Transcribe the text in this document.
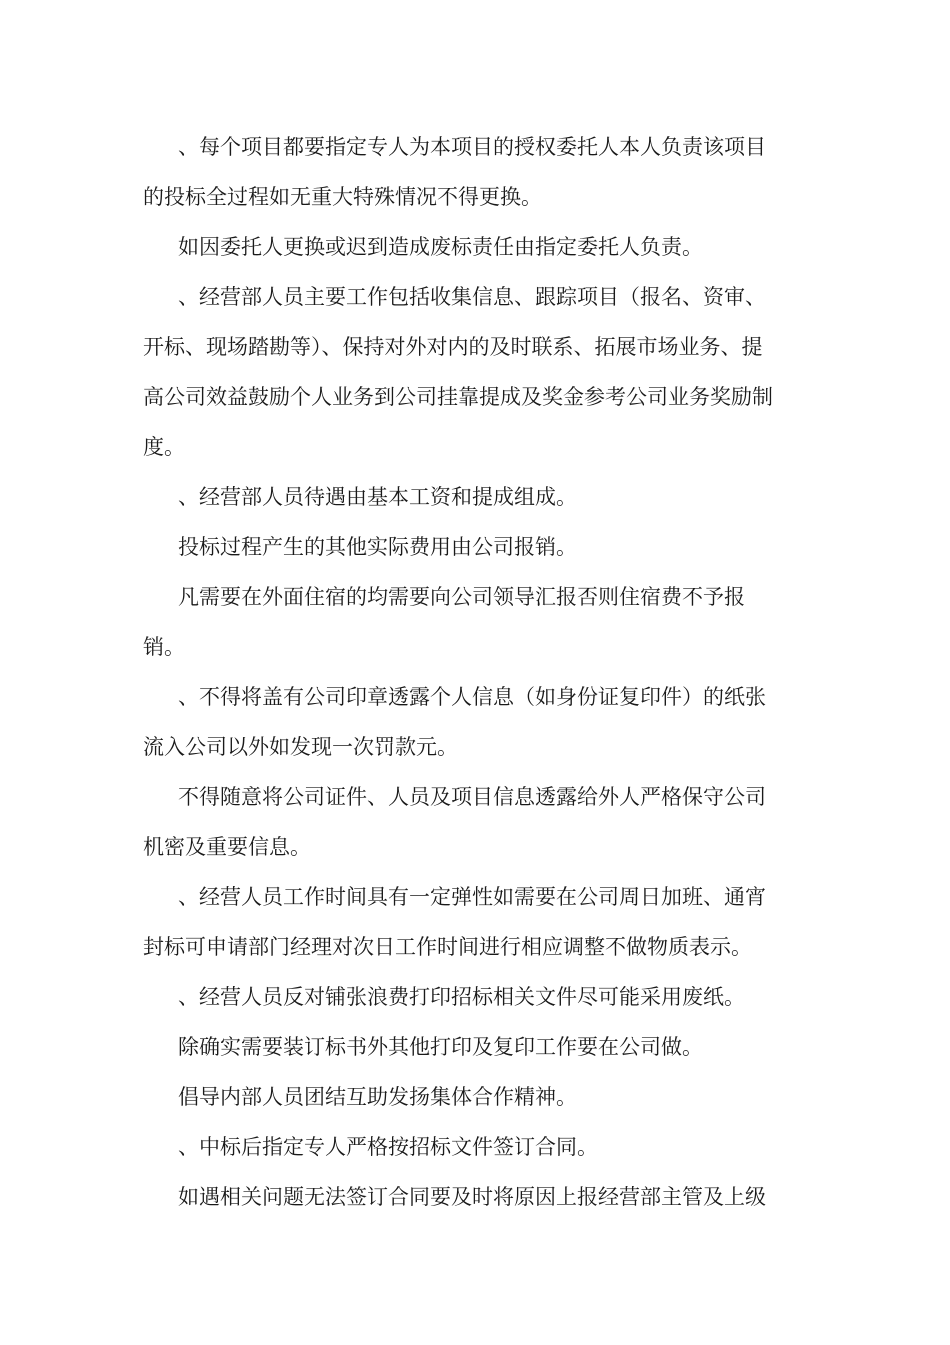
、每个项目都要指定专人为本项目的授权委托人本人负责该项目的投标全过程如无重大特殊情况不得更换。

如因委托人更换或迟到造成废标责任由指定委托人负责。

、经营部人员主要工作包括收集信息、跟踪项目（报名、资审、开标、现场踏勘等）、保持对外对内的及时联系、拓展市场业务、提高公司效益鼓励个人业务到公司挂靠提成及奖金参考公司业务奖励制度。

、经营部人员待遇由基本工资和提成组成。

投标过程产生的其他实际费用由公司报销。

凡需要在外面住宿的均需要向公司领导汇报否则住宿费不予报销。

、不得将盖有公司印章透露个人信息（如身份证复印件）的纸张流入公司以外如发现一次罚款元。

不得随意将公司证件、人员及项目信息透露给外人严格保守公司机密及重要信息。

、经营人员工作时间具有一定弹性如需要在公司周日加班、通宵封标可申请部门经理对次日工作时间进行相应调整不做物质表示。

、经营人员反对铺张浪费打印招标相关文件尽可能采用废纸。

除确实需要装订标书外其他打印及复印工作要在公司做。

倡导内部人员团结互助发扬集体合作精神。

、中标后指定专人严格按招标文件签订合同。

如遇相关问题无法签订合同要及时将原因上报经营部主管及上级
